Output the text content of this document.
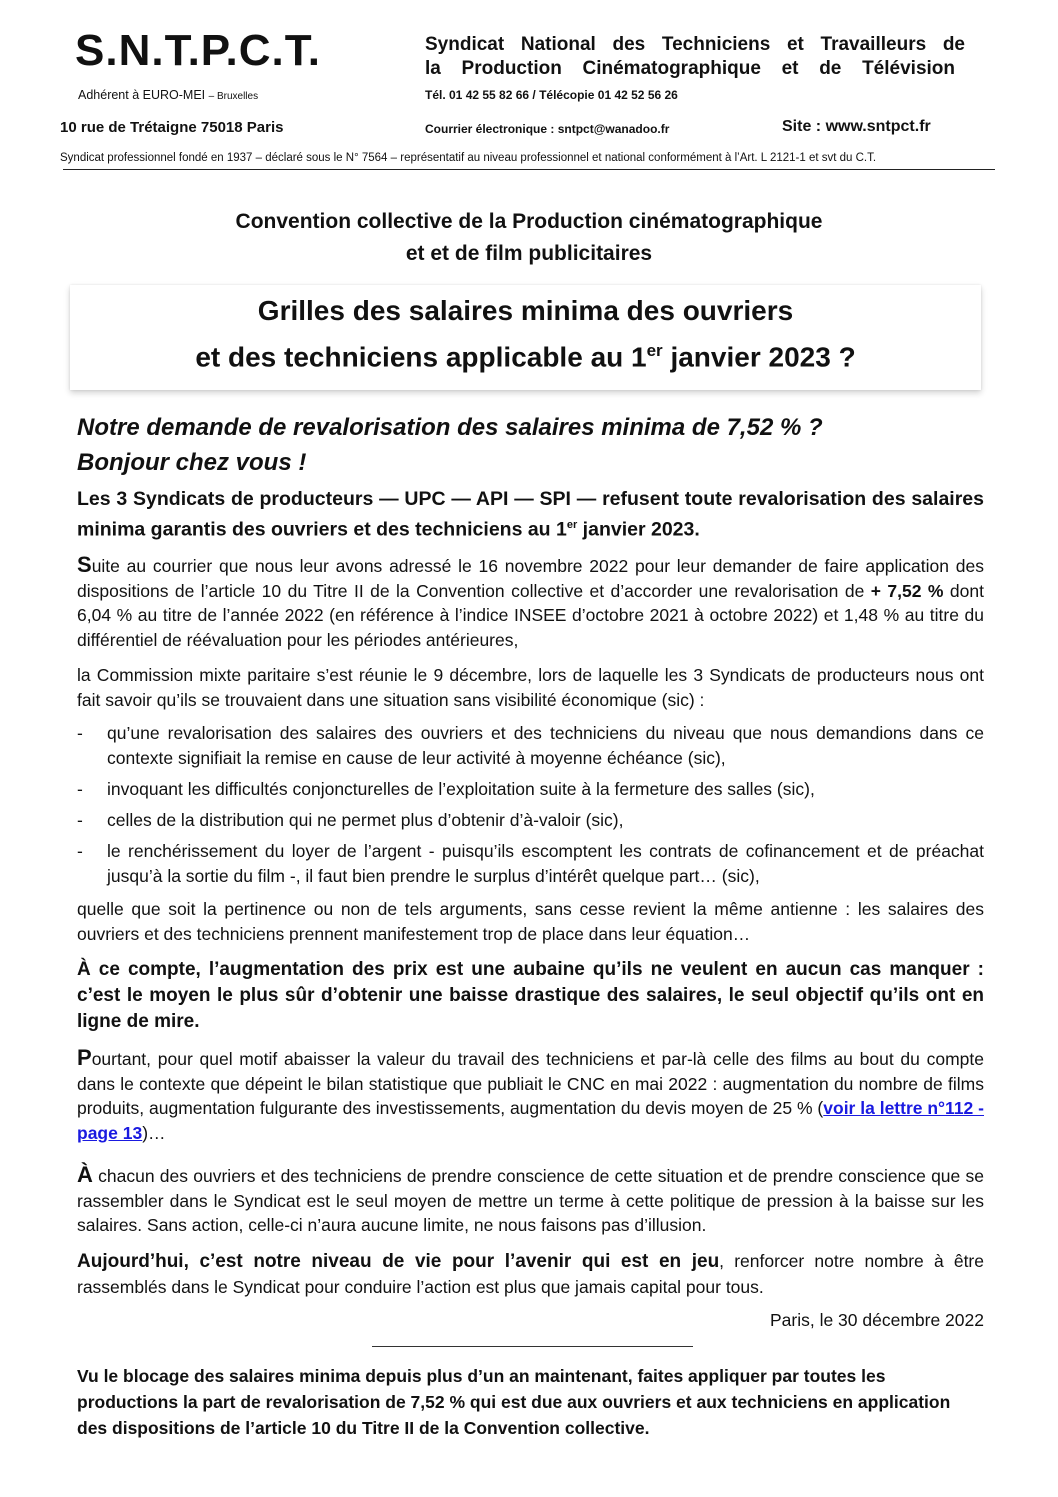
S.N.T.P.C.T.
Adhérent à EURO-MEI – Bruxelles
10 rue de Trétaigne 75018 Paris
Syndicat National des Techniciens et Travailleurs de
la Production Cinématographique et de Télévision
Tél. 01 42 55 82 66 / Télécopie 01 42 52 56 26
Courrier électronique : sntpct@wanadoo.fr	Site : www.sntpct.fr
Syndicat professionnel fondé en 1937 – déclaré sous le N° 7564 – représentatif au niveau professionnel et national conformément à l’Art. L 2121-1 et svt du C.T.
Convention collective de la Production cinématographique
et et de film publicitaires
Grilles des salaires minima des ouvriers
et des techniciens applicable au 1er janvier 2023 ?
Notre demande de revalorisation des salaires minima de 7,52 % ?
Bonjour chez vous !
Les 3 Syndicats de producteurs — UPC — API — SPI — refusent toute revalorisation des salaires minima garantis des ouvriers et des techniciens au 1er janvier 2023.
Suite au courrier que nous leur avons adressé le 16 novembre 2022 pour leur demander de faire application des dispositions de l’article 10 du Titre II de la Convention collective et d’accorder une revalorisation de + 7,52 % dont 6,04 % au titre de l’année 2022 (en référence à l’indice INSEE d’octobre 2021 à octobre 2022) et 1,48 % au titre du différentiel de réévaluation pour les périodes antérieures,
la Commission mixte paritaire s’est réunie le 9 décembre, lors de laquelle les 3 Syndicats de producteurs nous ont fait savoir qu’ils se trouvaient dans une situation sans visibilité économique (sic) :
- qu’une revalorisation des salaires des ouvriers et des techniciens du niveau que nous demandions dans ce contexte signifiait la remise en cause de leur activité à moyenne échéance (sic),
- invoquant les difficultés conjoncturelles de l’exploitation suite à la fermeture des salles (sic),
- celles de la distribution qui ne permet plus d’obtenir d’à-valoir (sic),
- le renchérissement du loyer de l’argent - puisqu’ils escomptent les contrats de cofinancement et de préachat jusqu’à la sortie du film -, il faut bien prendre le surplus d’intérêt quelque part… (sic),
quelle que soit la pertinence ou non de tels arguments, sans cesse revient la même antienne : les salaires des ouvriers et des techniciens prennent manifestement trop de place dans leur équation…
À ce compte, l’augmentation des prix est une aubaine qu’ils ne veulent en aucun cas manquer : c’est le moyen le plus sûr d’obtenir une baisse drastique des salaires, le seul objectif qu’ils ont en ligne de mire.
Pourtant, pour quel motif abaisser la valeur du travail des techniciens et par-là celle des films au bout du compte dans le contexte que dépeint le bilan statistique que publiait le CNC en mai 2022 : augmentation du nombre de films produits, augmentation fulgurante des investissements, augmentation du devis moyen de 25 % (voir la lettre n°112 - page 13)…
À chacun des ouvriers et des techniciens de prendre conscience de cette situation et de prendre conscience que se rassembler dans le Syndicat est le seul moyen de mettre un terme à cette politique de pression à la baisse sur les salaires. Sans action, celle-ci n’aura aucune limite, ne nous faisons pas d’illusion.
Aujourd’hui, c’est notre niveau de vie pour l’avenir qui est en jeu, renforcer notre nombre à être rassemblés dans le Syndicat pour conduire l’action est plus que jamais capital pour tous.
Paris, le 30 décembre 2022
Vu le blocage des salaires minima depuis plus d’un an maintenant, faites appliquer par toutes les productions la part de revalorisation de 7,52 % qui est due aux ouvriers et aux techniciens en application des dispositions de l’article 10 du Titre II de la Convention collective.
